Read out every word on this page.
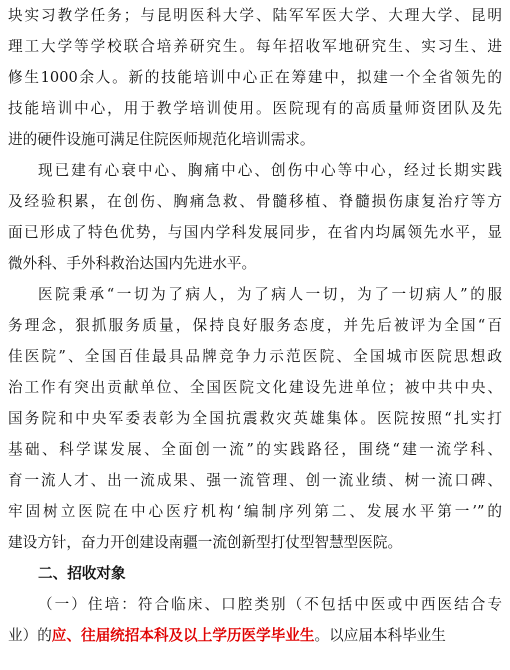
块实习教学任务；与昆明医科大学、陆军军医大学、大理大学、昆明
理工大学等学校联合培养研究生。每年招收军地研究生、实习生、进
修生1000余人。新的技能培训中心正在筹建中，拟建一个全省领先的
技能培训中心，用于教学培训使用。医院现有的高质量师资团队及先
进的硬件设施可满足住院医师规范化培训需求。
现已建有心衰中心、胸痛中心、创伤中心等中心，经过长期实践
及经验积累，在创伤、胸痛急救、骨髓移植、脊髓损伤康复治疗等方
面已形成了特色优势，与国内学科发展同步，在省内均属领先水平，显
微外科、手外科救治达国内先进水平。
医院秉承“一切为了病人，为了病人一切，为了一切病人”的服
务理念，狠抓服务质量，保持良好服务态度，并先后被评为全国“百
佳医院”、全国百佳最具品牌竞争力示范医院、全国城市医院思想政
治工作有突出贡献单位、全国医院文化建设先进单位；被中共中央、
国务院和中央军委表彰为全国抗震救灾英雄集体。医院按照“扎实打
基础、科学谋发展、全面创一流”的实践路径，围绕“建一流学科、
育一流人才、出一流成果、强一流管理、创一流业绩、树一流口碑、
牢固树立医院在中心医疗机构‘编制序列第二、发展水平第一’”的
建设方针，奋力开创建设南疆一流创新型打仗型智慧型医院。
二、招收对象
（一）住培：符合临床、口腔类别（不包括中医或中西医结合专
业）的应、往届统招本科及以上学历医学毕业生。以应届本科毕业生
